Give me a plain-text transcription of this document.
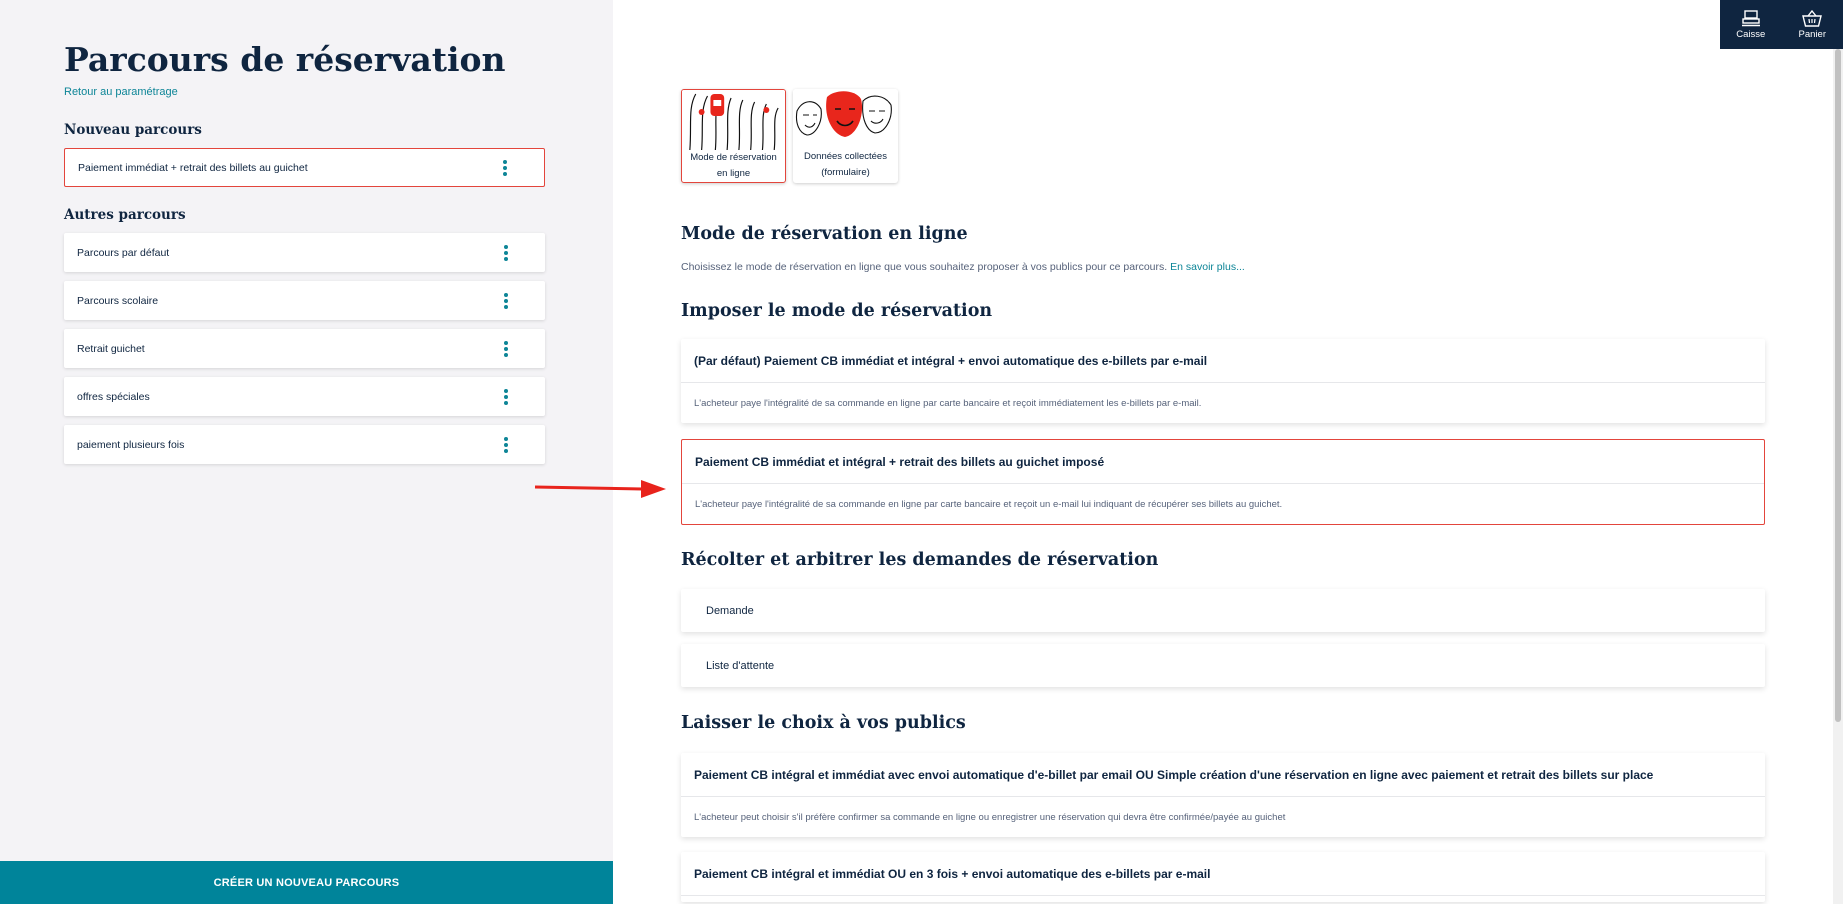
Parcours de réservation
Retour au paramétrage
Nouveau parcours
Paiement immédiat + retrait des billets au guichet
Autres parcours
Parcours par défaut
Parcours scolaire
Retrait guichet
offres spéciales
paiement plusieurs fois
CRÉER UN NOUVEAU PARCOURS
Caisse	Panier
Mode de réservation
en ligne
Données collectées
(formulaire)
Mode de réservation en ligne

Choisissez le mode de réservation en ligne que vous souhaitez proposer à vos publics pour ce parcours. En savoir plus...

Imposer le mode de réservation
(Par défaut) Paiement CB immédiat et intégral + envoi automatique des e-billets par e-mail
L'acheteur paye l'intégralité de sa commande en ligne par carte bancaire et reçoit immédiatement les e-billets par e-mail.
Paiement CB immédiat et intégral + retrait des billets au guichet imposé
L'acheteur paye l'intégralité de sa commande en ligne par carte bancaire et reçoit un e-mail lui indiquant de récupérer ses billets au guichet.
Récolter et arbitrer les demandes de réservation
Demande
Liste d'attente
Laisser le choix à vos publics
Paiement CB intégral et immédiat avec envoi automatique d'e-billet par email OU Simple création d'une réservation en ligne avec paiement et retrait des billets sur place
L'acheteur peut choisir s'il préfère confirmer sa commande en ligne ou enregistrer une réservation qui devra être confirmée/payée au guichet
Paiement CB intégral et immédiat OU en 3 fois + envoi automatique des e-billets par e-mail
